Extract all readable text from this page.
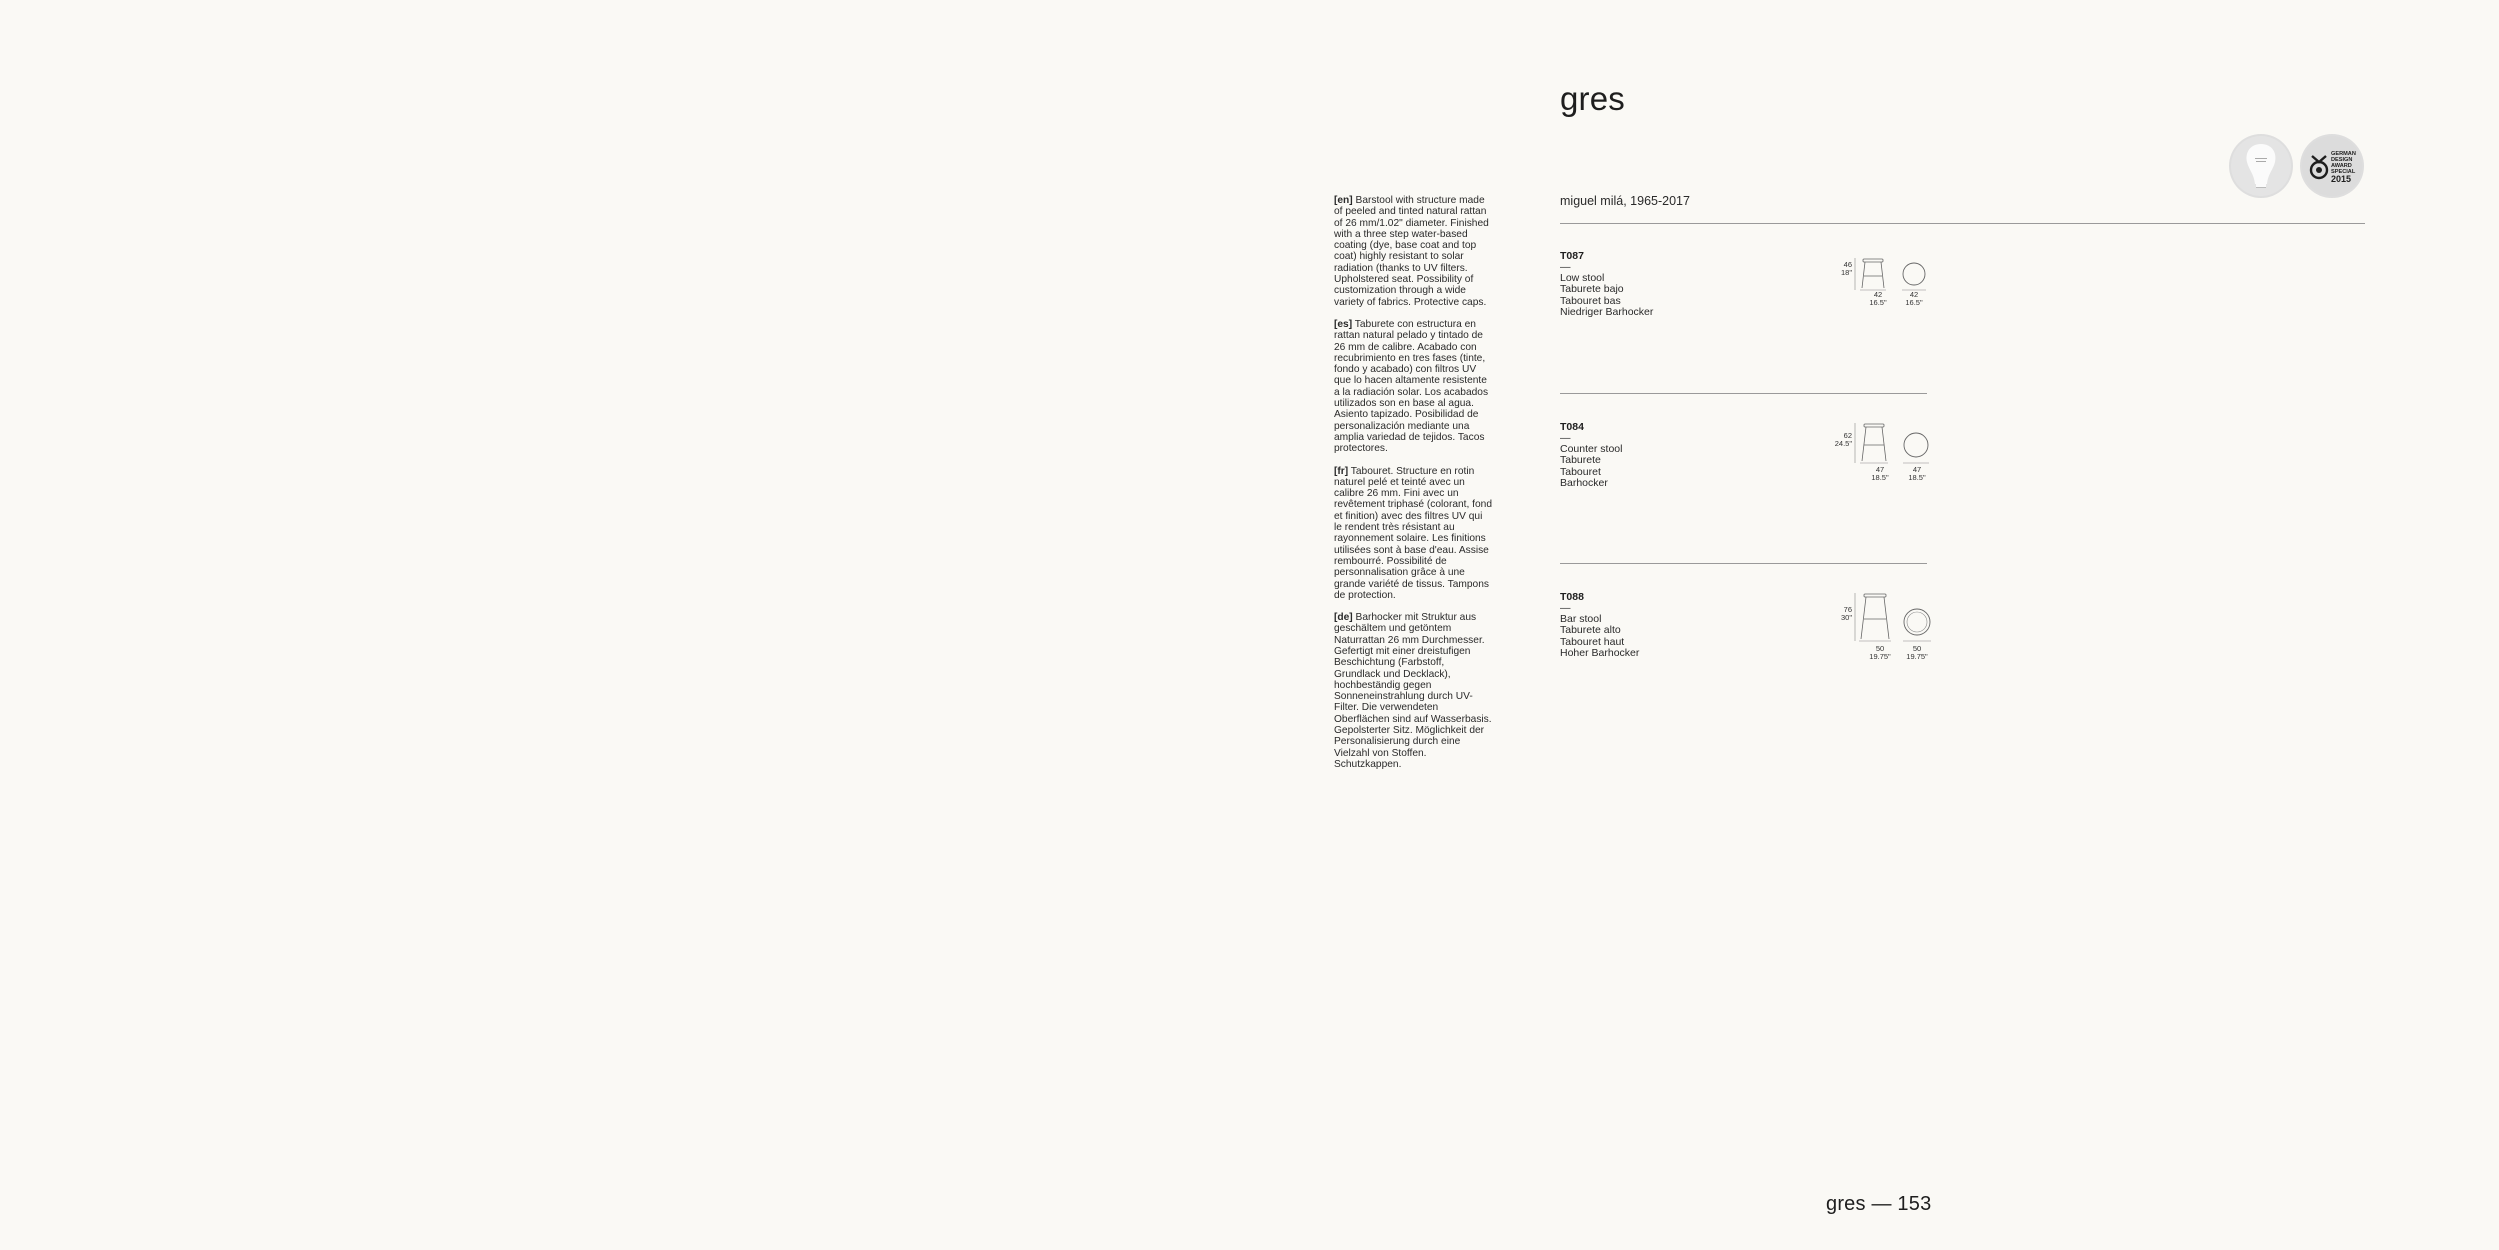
gres
GERMAN
DESIGN
AWARD
SPECIAL
2015
miguel milá, 1965-2017

[en] Barstool with structure made of peeled and tinted natural rattan of 26 mm/1.02" diameter. Finished with a three step water-based coating (dye, base coat and top coat) highly resistant to solar radiation (thanks to UV filters. Upholstered seat. Possibility of customization through a wide variety of fabrics. Protective caps.

[es] Taburete con estructura en rattan natural pelado y tintado de 26 mm de calibre. Acabado con recubrimiento en tres fases (tinte, fondo y acabado) con filtros UV que lo hacen altamente resistente a la radiación solar. Los acabados utilizados son en base al agua. Asiento tapizado. Posibilidad de personalización mediante una amplia variedad de tejidos. Tacos protectores.

[fr] Tabouret. Structure en rotin naturel pelé et teinté avec un calibre 26 mm. Fini avec un revêtement triphasé (colorant, fond et finition) avec des filtres UV qui le rendent très résistant au rayonnement solaire. Les finitions utilisées sont à base d'eau. Assise rembourré. Possibilité de personnalisation grâce à une grande variété de tissus. Tampons de protection.

[de] Barhocker mit Struktur aus geschältem und getöntem Naturrattan 26 mm Durchmesser. Gefertigt mit einer dreistufigen Beschichtung (Farbstoff, Grundlack und Decklack), hochbeständig gegen Sonneneinstrahlung durch UV-Filter. Die verwendeten Oberflächen sind auf Wasserbasis. Gepolsterter Sitz. Möglichkeit der Personalisierung durch eine Vielzahl von Stoffen. Schutzkappen.

T087
—
Low stool
Taburete bajo
Tabouret bas
Niedriger Barhocker
46
18"
42
16.5"
42
16.5"
T084
—
Counter stool
Taburete
Tabouret
Barhocker
62
24.5"
47
18.5"
47
18.5"
T088
—
Bar stool
Taburete alto
Tabouret haut
Hoher Barhocker
76
30"
50
19.75"
50
19.75"
gres — 153
